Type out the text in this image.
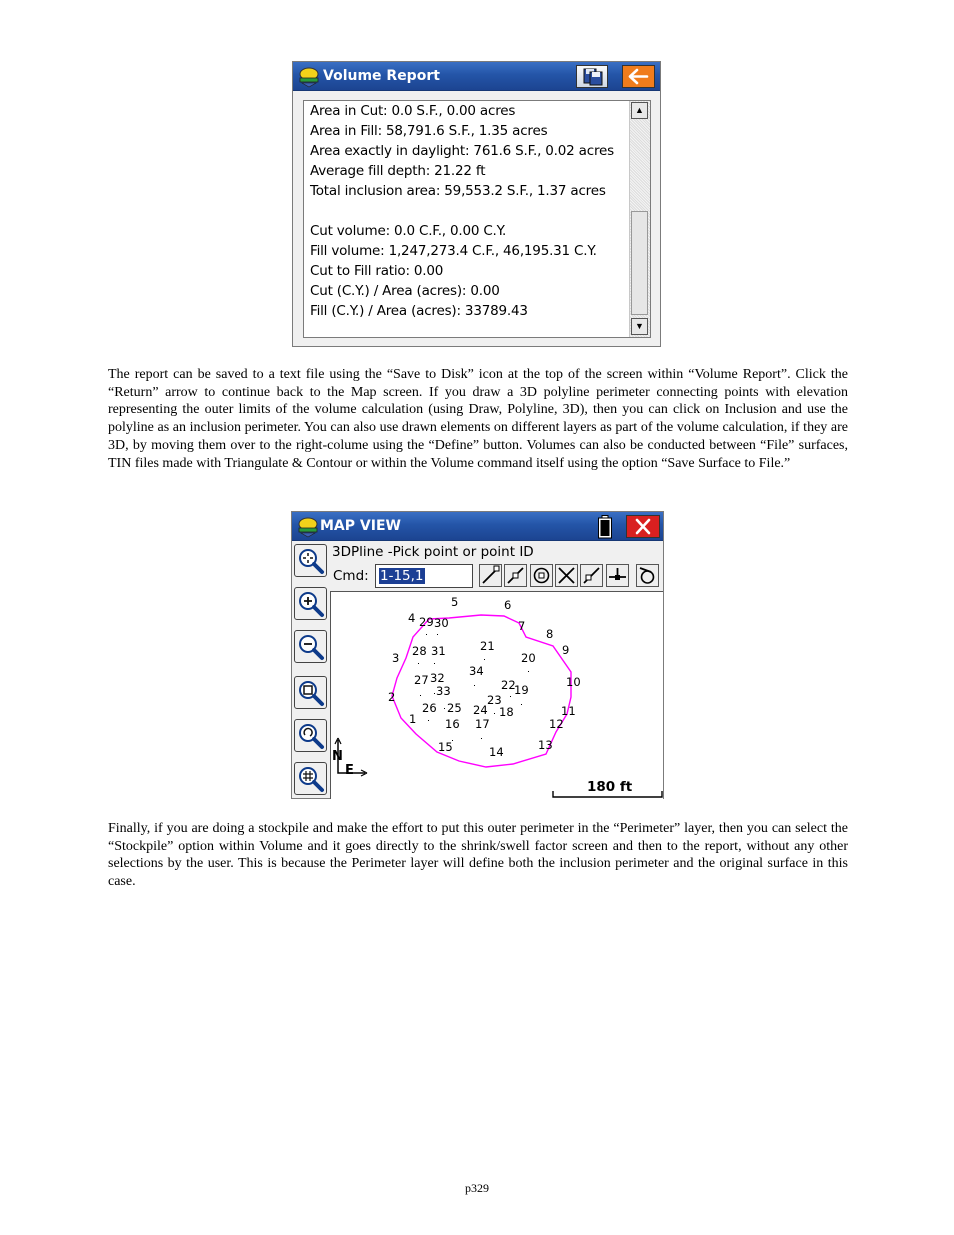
Volume Report
Area in Cut: 0.0 S.F., 0.00 acres
Area in Fill: 58,791.6 S.F., 1.35 acres
Area exactly in daylight: 761.6 S.F., 0.02 acres
Average fill depth: 21.22 ft
Total inclusion area: 59,553.2 S.F., 1.37 acres
Cut volume: 0.0 C.F., 0.00 C.Y.
Fill volume: 1,247,273.4 C.F., 46,195.31 C.Y.
Cut to Fill ratio: 0.00
Cut (C.Y.) / Area (acres): 0.00
Fill (C.Y.) / Area (acres): 33789.43
▲
▼

The report can be saved to a text file using the “Save to Disk” icon at the top of the screen within “Volume Report”. Click the “Return” arrow to continue back to the Map screen. If you draw a 3D polyline perimeter connecting points with elevation representing the outer limits of the volume calculation (using Draw, Polyline, 3D), then you can click on Inclusion and use the polyline as an inclusion perimeter. You can also use drawn elements on different layers as part of the volume calculation, if they are 3D, by moving them over to the right-colume using the “Define” button. Volumes can also be conducted between “File” surfaces, TIN files made with Triangulate & Contour or within the Volume command itself using the option “Save Surface to File.”

MAP VIEW
3DPline -Pick point or point ID
Cmd: 1-15,1
1
2
3
4
5	6
7
8
9
10
11
12
13
14
15
16 17
18
19
20
21
22
23
24
25
26
27
28
29 30
31
32
33
34
N
E
180 ft

Finally, if you are doing a stockpile and make the effort to put this outer perimeter in the “Perimeter” layer, then you can select the “Stockpile” option within Volume and it goes directly to the shrink/swell factor screen and then to the report, without any other selections by the user. This is because the Perimeter layer will define both the inclusion perimeter and the original surface in this case.

p329
